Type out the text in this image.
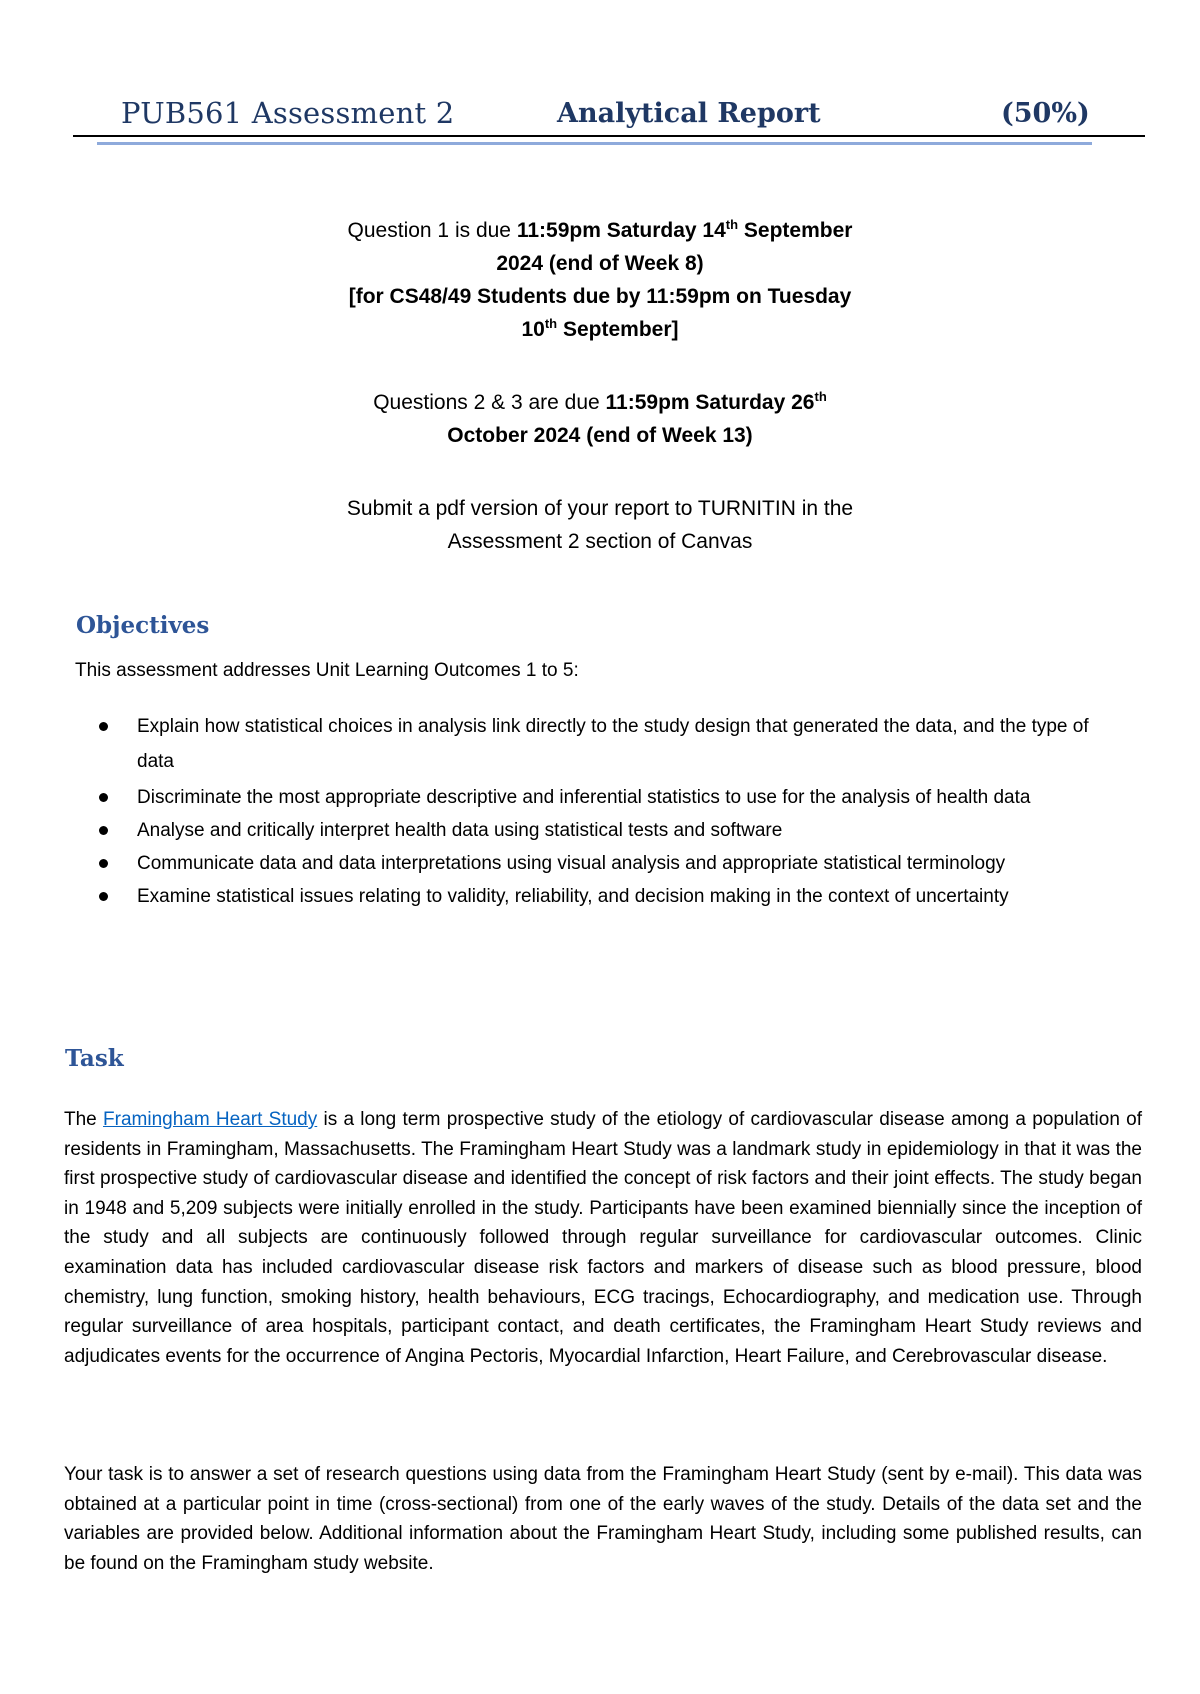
PUB561 Assessment 2	Analytical Report	(50%)

Question 1 is due 11:59pm Saturday 14th September

2024 (end of Week 8)

[for CS48/49 Students due by 11:59pm on Tuesday

10th September]

Questions 2 & 3 are due 11:59pm Saturday 26th

October 2024 (end of Week 13)

Submit a pdf version of your report to TURNITIN in the

Assessment 2 section of Canvas

Objectives
This assessment addresses Unit Learning Outcomes 1 to 5:
Explain how statistical choices in analysis link directly to the study design that generated the data, and the type of data
Discriminate the most appropriate descriptive and inferential statistics to use for the analysis of health data
Analyse and critically interpret health data using statistical tests and software
Communicate data and data interpretations using visual analysis and appropriate statistical terminology
Examine statistical issues relating to validity, reliability, and decision making in the context of uncertainty
Task

The Framingham Heart Study is a long term prospective study of the etiology of cardiovascular disease among a population of residents in Framingham, Massachusetts. The Framingham Heart Study was a landmark study in epidemiology in that it was the first prospective study of cardiovascular disease and identified the concept of risk factors and their joint effects. The study began in 1948 and 5,209 subjects were initially enrolled in the study. Participants have been examined biennially since the inception of the study and all subjects are continuously followed through regular surveillance for cardiovascular outcomes. Clinic examination data has included cardiovascular disease risk factors and markers of disease such as blood pressure, blood chemistry, lung function, smoking history, health behaviours, ECG tracings, Echocardiography, and medication use. Through regular surveillance of area hospitals, participant contact, and death certificates, the Framingham Heart Study reviews and adjudicates events for the occurrence of Angina Pectoris, Myocardial Infarction, Heart Failure, and Cerebrovascular disease.

Your task is to answer a set of research questions using data from the Framingham Heart Study (sent by e-mail). This data was obtained at a particular point in time (cross-sectional) from one of the early waves of the study. Details of the data set and the variables are provided below. Additional information about the Framingham Heart Study, including some published results, can be found on the Framingham study website.
